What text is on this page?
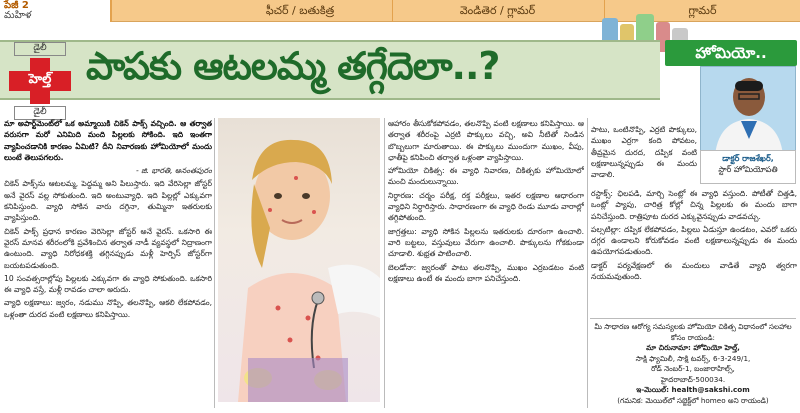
పేజీ 2
మహిళ	ఫీచర్ / బతుకిత్ర	వెండితెర / గ్లామర్	గ్లామర్
డైలీ
హెల్త్
డైలీ
పాపకు ఆటలమ్మ తగ్గేదెలా..?	హోమియో..
డాక్టర్ రాజశేఖర్,
స్టార్ హోమియోపతి

మా అపార్ట్‌మెంట్‌లో ఒక అమ్మాయికి చికెన్ పాక్స్ వచ్చింది. ఆ తర్వాత వరుసగా మరో ఎనిమిది మంది పిల్లలకు సోకింది. ఇది ఇంతగా వ్యాపించడానికి కారణం ఏమిటి? దీని నివారణకు హోమియోలో మందు లుంటే తెలుపగలరు.

- జి. భారతి, అనంతపురం

చికెన్ పాక్స్‌ను ఆటలమ్మ, పెద్దమ్మ అని పిలుస్తారు. ఇది వేరిసెల్లా జోస్టర్ అనే వైరస్ వల్ల సోకుతుంది. ఇది అంటువ్యాధి. ఇది పిల్లల్లో ఎక్కువగా కనిపిస్తుంది. వ్యాధి సోకిన వారు దగ్గినా, తుమ్మినా ఇతరులకు వ్యాపిస్తుంది.

చికెన్ పాక్స్ ప్రధాన కారణం వెరిసెల్లా జోస్టర్ అనే వైరస్. ఒకసారి ఈ వైరస్ మానవ శరీరంలోకి ప్రవేశించిన తర్వాత నాడీ వ్యవస్థలో నిద్రాణంగా ఉంటుంది. వ్యాధి నిరోధకశక్తి తగ్గినప్పుడు మళ్లీ హెర్పిస్ జోస్టర్‌గా బయటపడుతుంది.

10 సంవత్సరాల్లోపు పిల్లలకు ఎక్కువగా ఈ వ్యాధి సోకుతుంది. ఒకసారి ఈ వ్యాధి వస్తే, మళ్లీ రావడం చాలా అరుదు.

వ్యాధి లక్షణాలు: జ్వరం, నడుము నొప్పి, తలనొప్పి, ఆకలి లేకపోవడం, ఒళ్లంతా దురద వంటి లక్షణాలు కనిపిస్తాయి.

ఆహారం తీసుకోకపోవడం, తలనొప్పి వంటి లక్షణాలు కనిపిస్తాయి. ఆ తర్వాత శరీరంపై ఎర్రటి పొక్కులు వచ్చి, అవి నీటితో నిండిన బొబ్బలుగా మారుతాయి. ఈ పొక్కులు ముందుగా ముఖం, వీపు, ఛాతీపై కనిపించి తర్వాత ఒళ్లంతా వ్యాపిస్తాయి.

హోమియో చికిత్స: ఈ వ్యాధి నివారణ, చికిత్సకు హోమియోలో మంచి మందులున్నాయి.

నిర్ధారణ: చర్మం పరీక్ష, రక్త పరీక్షలు, ఇతర లక్షణాల ఆధారంగా వ్యాధిని నిర్ధారిస్తారు. సాధారణంగా ఈ వ్యాధి రెండు మూడు వారాల్లో తగ్గిపోతుంది.

జాగ్రత్తలు: వ్యాధి సోకిన పిల్లలను ఇతరులకు దూరంగా ఉంచాలి. వారి బట్టలు, వస్తువులు వేరుగా ఉంచాలి. పొక్కులను గోకకుండా చూడాలి. శుభ్రత పాటించాలి.

బెలడోనా: జ్వరంతో పాటు తలనొప్పి, ముఖం ఎర్రబడటం వంటి లక్షణాలు ఉంటే ఈ మందు బాగా పనిచేస్తుంది.

పాటు, ఒంటినొప్పి, ఎర్రటి పొక్కులు, ముఖం ఎర్రగా కంది పోవటం, తీవ్రమైన దురద, దప్పిక వంటి లక్షణాలున్నప్పుడు ఈ మందు వాడాలి.

రస్టాక్స్: ఛిలపడి, మార్చి సెంట్లో ఈ వ్యాధి వస్తుంది. పోటీతో చిత్తడి, ఒంట్లో ప్యాపు, చారిత్ర కోల్లో చిన్న పిల్లలకు ఈ మందు బాగా పనిచేస్తుంది. రాత్రిపూట దురద ఎక్కువైనప్పుడు వాడవచ్చు.

పల్సటిల్లా: దప్పిక లేకపోవడం, పిల్లలు ఏడుస్తూ ఉండటం, ఎవరో ఒకరు దగ్గర ఉండాలని కోరుకోవడం వంటి లక్షణాలున్నప్పుడు ఈ మందు ఉపయోగపడుతుంది.

డాక్టర్ పర్యవేక్షణలో ఈ మందులు వాడితే వ్యాధి త్వరగా నయమవుతుంది.

మీ సాధారణ ఆరోగ్య సమస్యలకు హోమియో చికిత్స విధానంలో సలహాల కోసం రాయండి:
మా చిరునామా: హోమియో హెల్త్,
సాక్షి ఫ్యామిలీ, సాక్షి టవర్స్, 6-3-249/1,
రోడ్ నెంబర్-1, బంజారాహిల్స్,
హైదరాబాద్-500034.
ఇ-మెయిల్: health@sakshi.com
(గమనిక: మెయిల్‌లో సబ్జెక్ట్‌లో homeo అని రాయండి)
